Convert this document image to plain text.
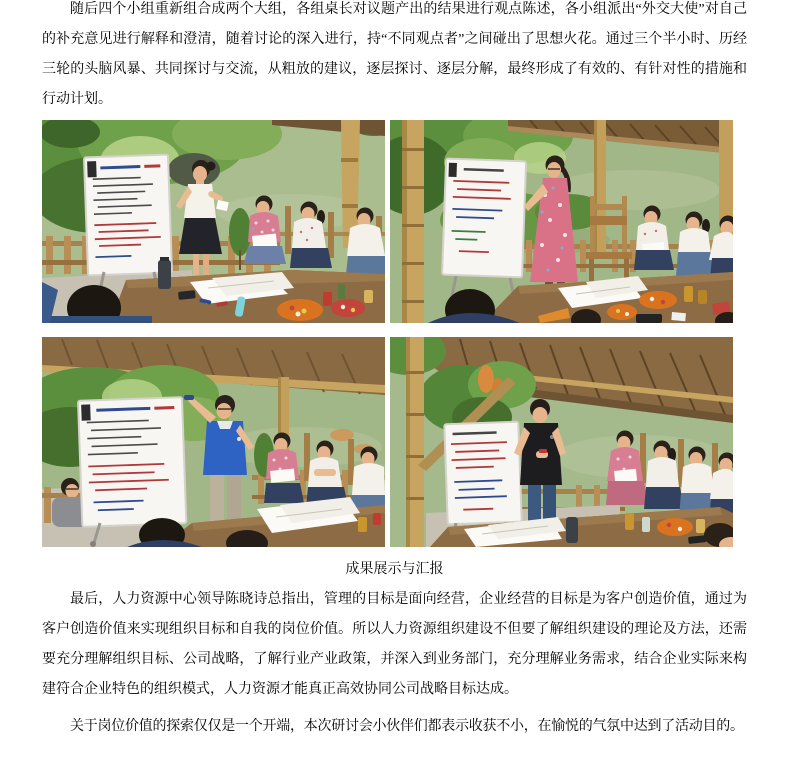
随后四个小组重新组合成两个大组，各组桌长对议题产出的结果进行观点陈述，各小组派出“外交大使”对自己的补充意见进行解释和澄清，随着讨论的深入进行，持“不同观点者”之间碰出了思想火花。通过三个半小时、历经三轮的头脑风暴、共同探讨与交流，从粗放的建议，逐层探讨、逐层分解，最终形成了有效的、有针对性的措施和行动计划。

成果展示与汇报

最后，人力资源中心领导陈晓诗总指出，管理的目标是面向经营，企业经营的目标是为客户创造价值，通过为客户创造价值来实现组织目标和自我的岗位价值。所以人力资源组织建设不但要了解组织建设的理论及方法，还需要充分理解组织目标、公司战略，了解行业产业政策，并深入到业务部门，充分理解业务需求，结合企业实际来构建符合企业特色的组织模式，人力资源才能真正高效协同公司战略目标达成。

关于岗位价值的探索仅仅是一个开端，本次研讨会小伙伴们都表示收获不小，在愉悦的气氛中达到了活动目的。
